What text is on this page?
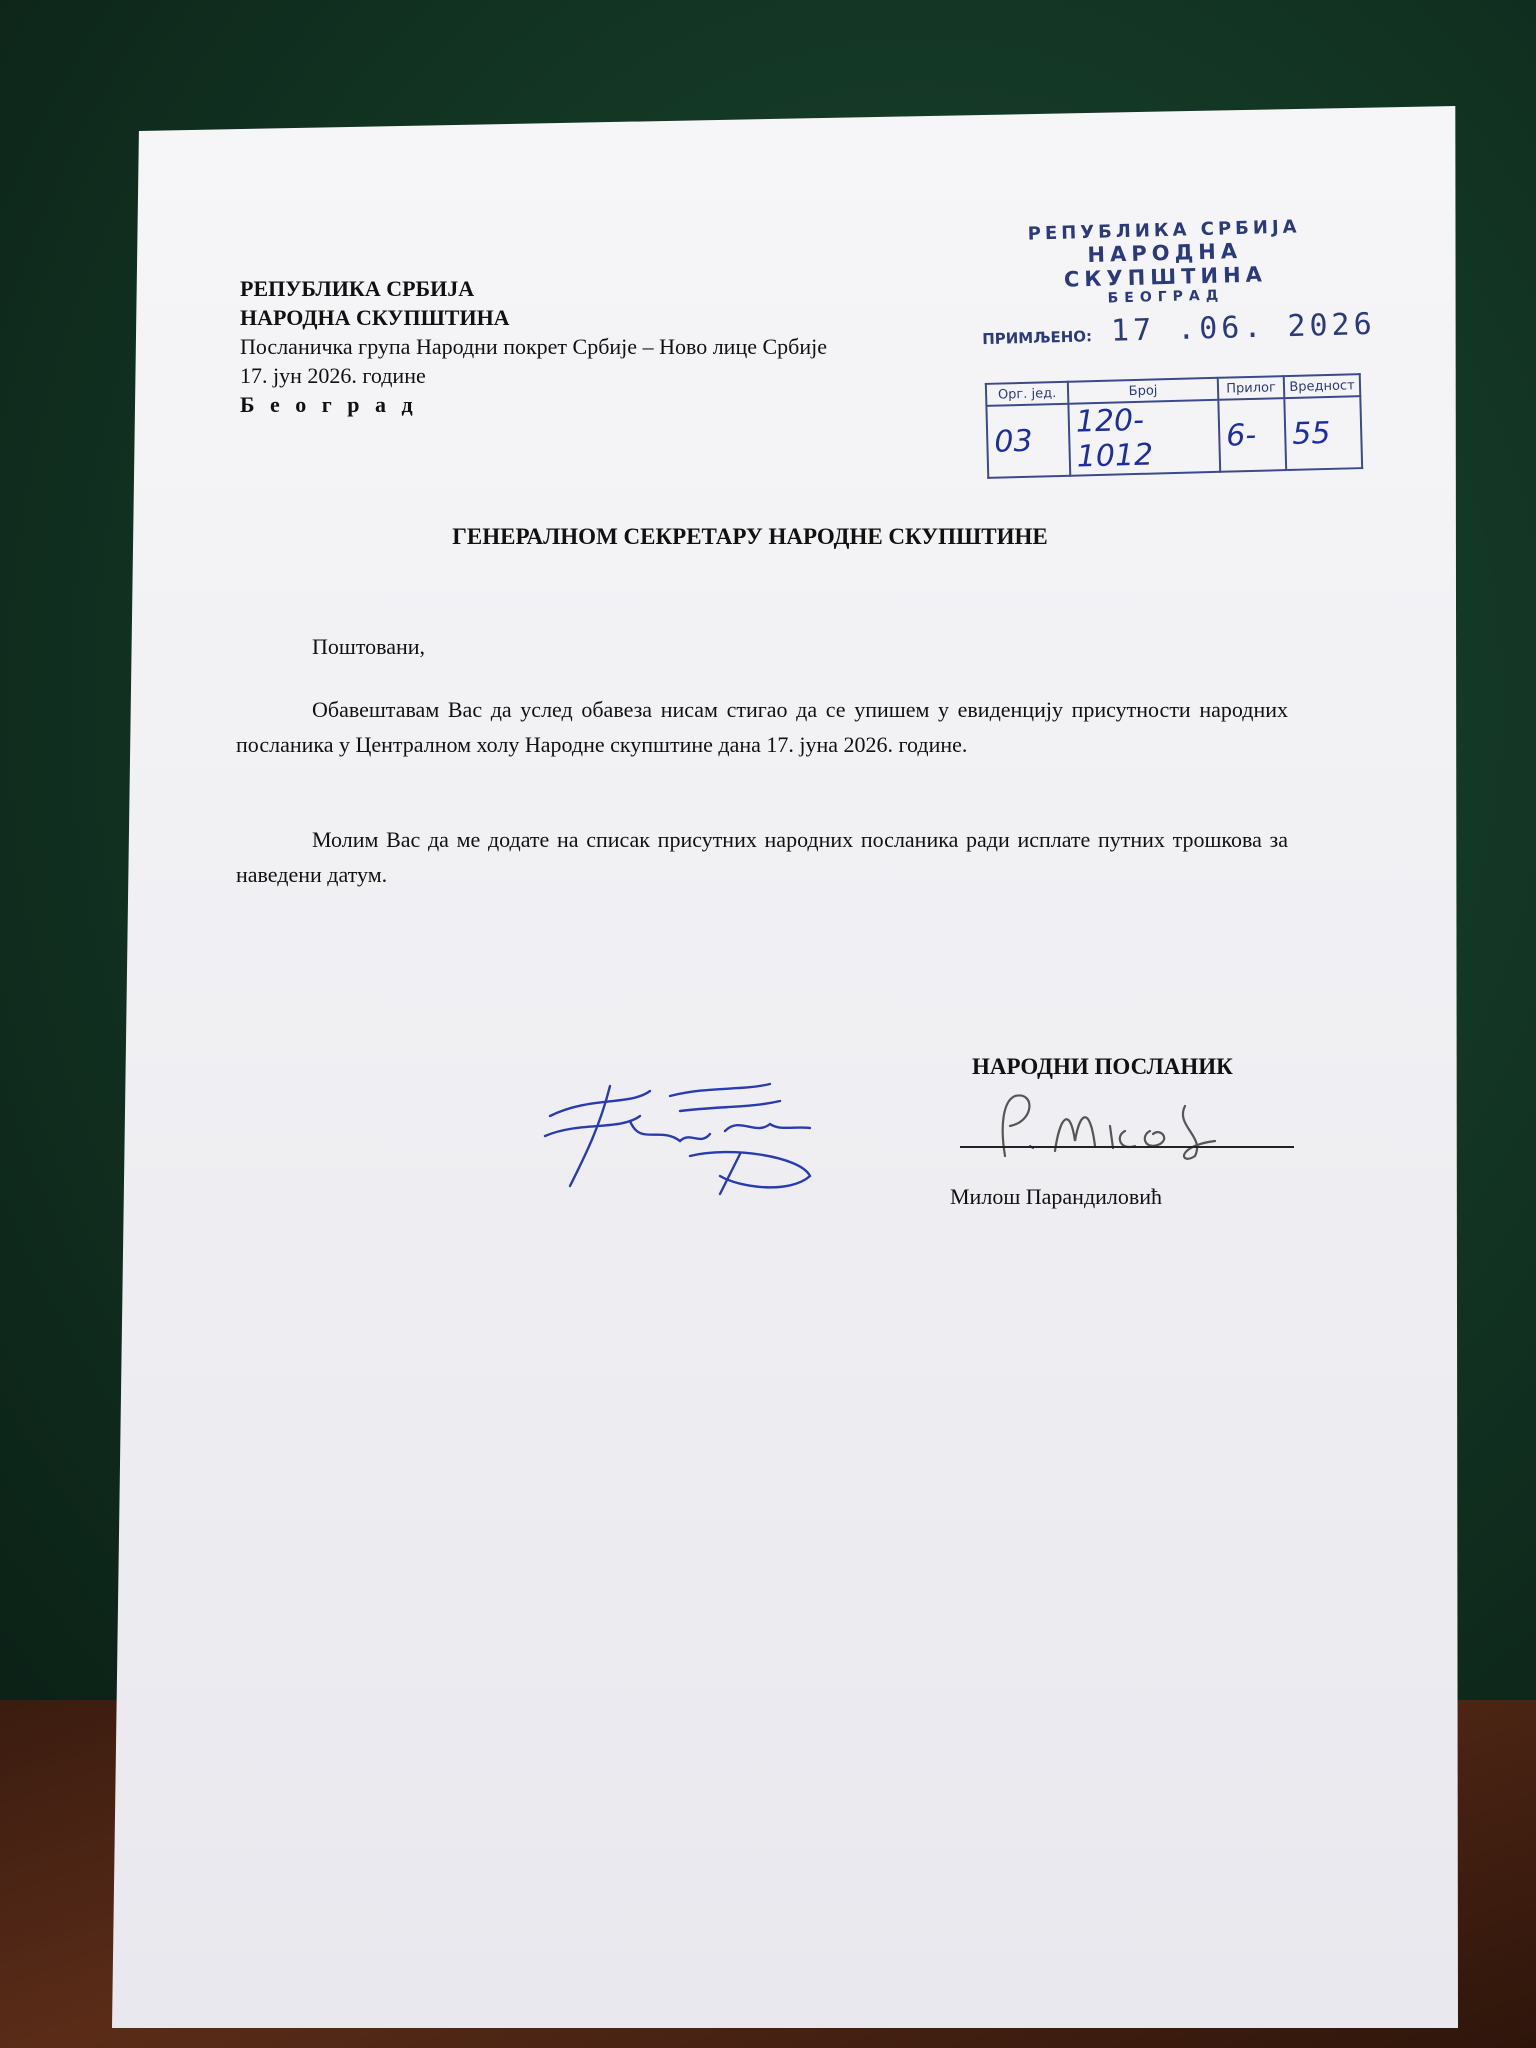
РЕПУБЛИКА СРБИЈА
НАРОДНА СКУПШТИНА
Посланичка група Народни покрет Србије – Ново лице Србије
17. јун 2026. године
Б е о г р а д
РЕПУБЛИКА СРБИЈА
НАРОДНА СКУПШТИНА
БЕОГРАД
ПРИМЉЕНО: 17 .06. 2026
Орг. јед.	Број	Прилог	Вредност
03	120-1012	6-	55
ГЕНЕРАЛНОМ СЕКРЕТАРУ НАРОДНЕ СКУПШТИНЕ
Поштовани,
Обавештавам Вас да услед обавеза нисам стигао да се упишем у евиденцију присутности народних посланика у Централном холу Народне скупштине дана 17. јуна 2026. године.
Молим Вас да ме додате на списак присутних народних посланика ради исплате путних трошкова за наведени датум.
НАРОДНИ ПОСЛАНИК
Милош Парандиловић
